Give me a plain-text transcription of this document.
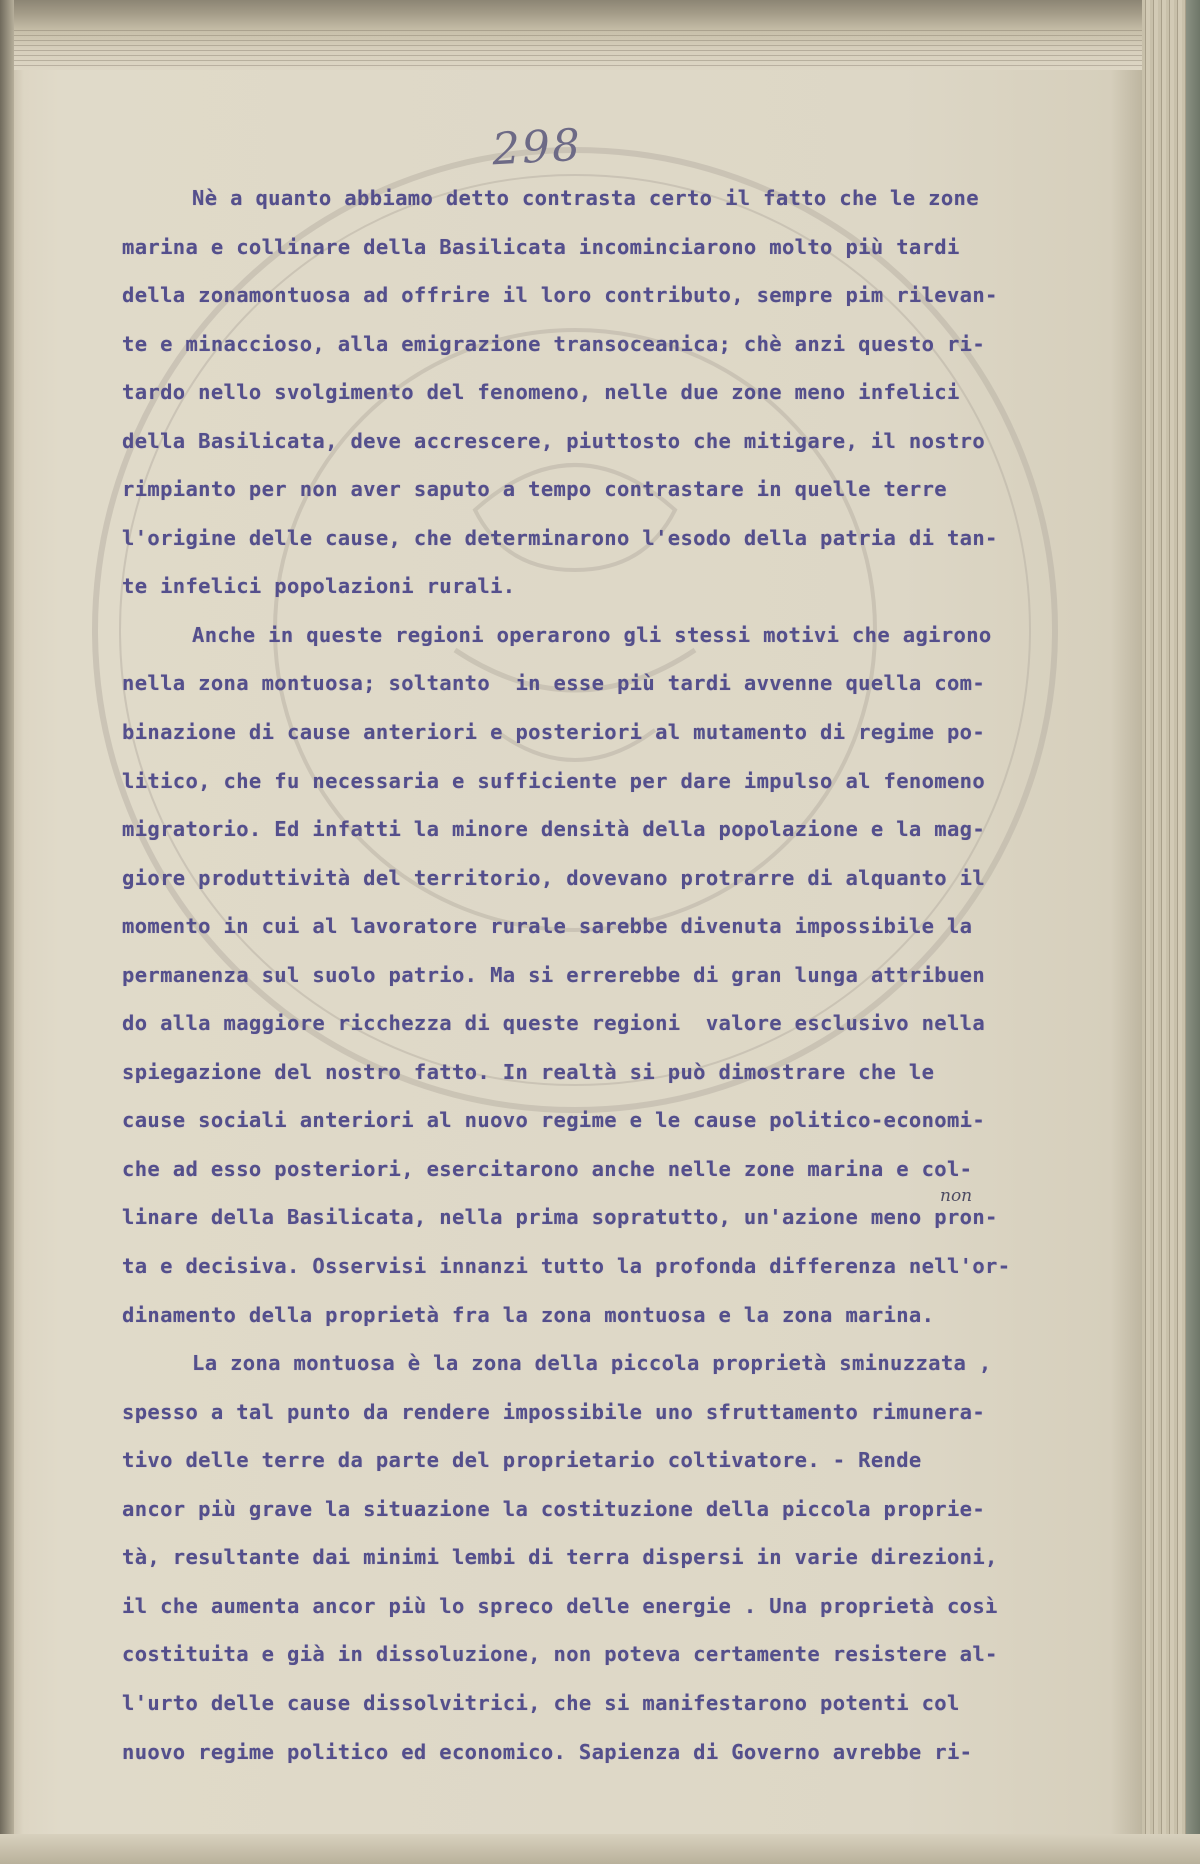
298
Nè a quanto abbiamo detto contrasta certo il fatto che le zone
marina e collinare della Basilicata incominciarono molto più tardi
della zonamontuosa ad offrire il loro contributo, sempre pim rilevan-
te e minaccioso, alla emigrazione transoceanica; chè anzi questo ri-
tardo nello svolgimento del fenomeno, nelle due zone meno infelici
della Basilicata, deve accrescere, piuttosto che mitigare, il nostro
rimpianto per non aver saputo a tempo contrastare in quelle terre
l'origine delle cause, che determinarono l'esodo della patria di tan-
te infelici popolazioni rurali.
Anche in queste regioni operarono gli stessi motivi che agirono
nella zona montuosa; soltanto  in esse più tardi avvenne quella com-
binazione di cause anteriori e posteriori al mutamento di regime po-
litico, che fu necessaria e sufficiente per dare impulso al fenomeno
migratorio. Ed infatti la minore densità della popolazione e la mag-
giore produttività del territorio, dovevano protrarre di alquanto il
momento in cui al lavoratore rurale sarebbe divenuta impossibile la
permanenza sul suolo patrio. Ma si errerebbe di gran lunga attribuen
do alla maggiore ricchezza di queste regioni  valore esclusivo nella
spiegazione del nostro fatto. In realtà si può dimostrare che le
cause sociali anteriori al nuovo regime e le cause politico-economi-
che ad esso posteriori, esercitarono anche nelle zone marina e col-
linare della Basilicata, nella prima sopratutto, un'azione meno pron-
ta e decisiva. Osservisi innanzi tutto la profonda differenza nell'or-
dinamento della proprietà fra la zona montuosa e la zona marina.
La zona montuosa è la zona della piccola proprietà sminuzzata ,
spesso a tal punto da rendere impossibile uno sfruttamento rimunera-
tivo delle terre da parte del proprietario coltivatore. - Rende
ancor più grave la situazione la costituzione della piccola proprie-
tà, resultante dai minimi lembi di terra dispersi in varie direzioni,
il che aumenta ancor più lo spreco delle energie . Una proprietà così
costituita e già in dissoluzione, non poteva certamente resistere al-
l'urto delle cause dissolvitrici, che si manifestarono potenti col
nuovo regime politico ed economico. Sapienza di Governo avrebbe ri-
non
